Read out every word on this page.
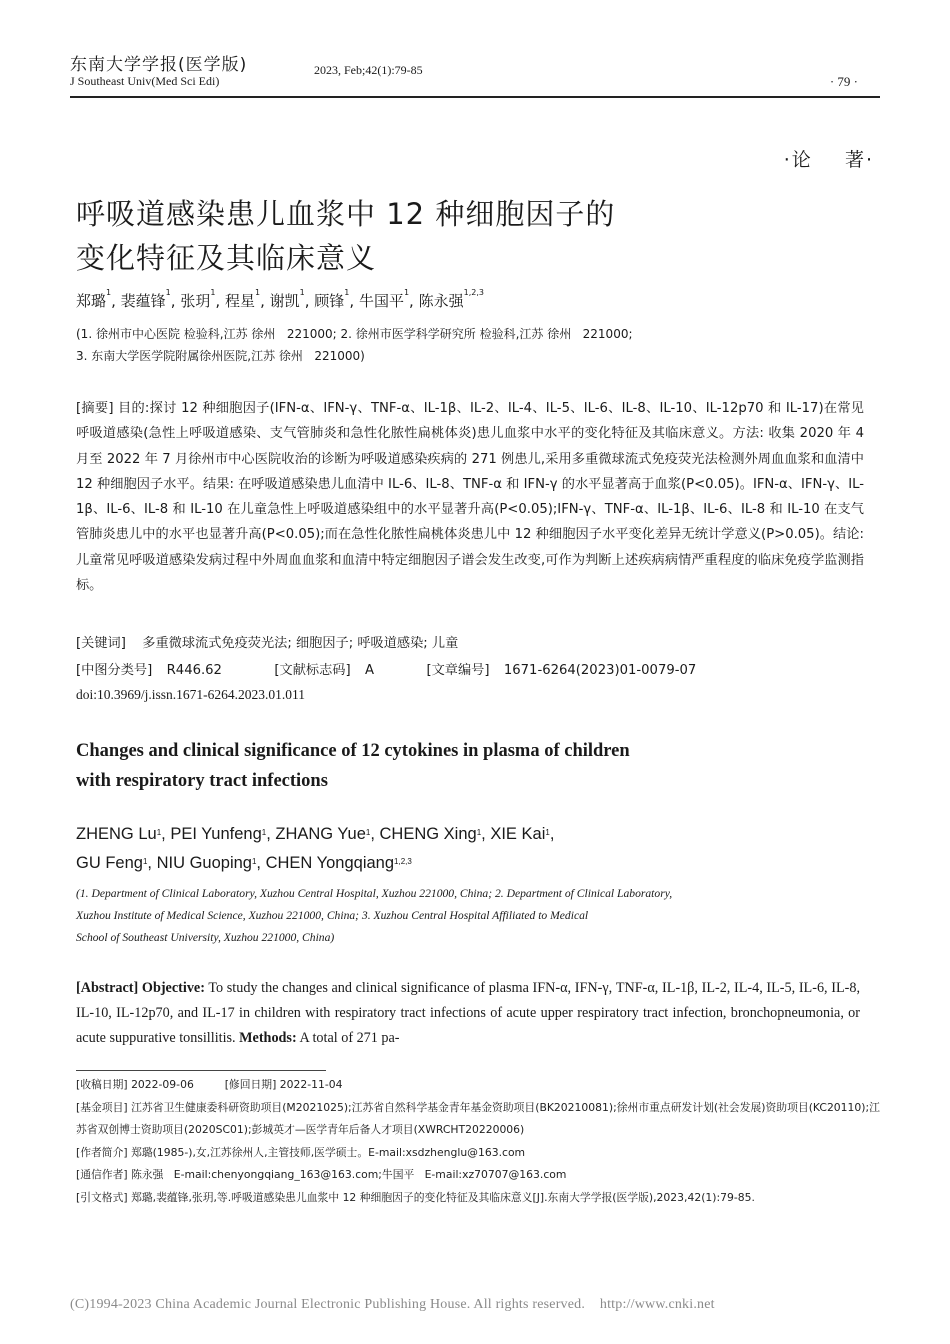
东南大学学报(医学版)
J Southeast Univ(Med Sci Edi)
2023, Feb;42(1):79-85
· 79 ·
·论    著·
呼吸道感染患儿血浆中 12 种细胞因子的
变化特征及其临床意义
郑璐$^1$, 裴蕴锋$^1$, 张玥$^1$, 程星$^1$, 谢凯$^1$, 顾锋$^1$, 牛国平$^1$, 陈永强$^{1,2,3}$
(1. 徐州市中心医院 检验科,江苏 徐州   221000; 2. 徐州市医学科学研究所 检验科,江苏 徐州   221000;
3. 东南大学医学院附属徐州医院,江苏 徐州   221000)
[摘要] 目的:探讨 12 种细胞因子(IFN-α、IFN-γ、TNF-α、IL-1β、IL-2、IL-4、IL-5、IL-6、IL-8、IL-10、IL-12p70 和 IL-17)在常见呼吸道感染(急性上呼吸道感染、支气管肺炎和急性化脓性扁桃体炎)患儿血浆中水平的变化特征及其临床意义。方法: 收集 2020 年 4 月至 2022 年 7 月徐州市中心医院收治的诊断为呼吸道感染疾病的 271 例患儿,采用多重微球流式免疫荧光法检测外周血血浆和血清中 12 种细胞因子水平。结果: 在呼吸道感染患儿血清中 IL-6、IL-8、TNF-α 和 IFN-γ 的水平显著高于血浆(P<0.05)。IFN-α、IFN-γ、IL-1β、IL-6、IL-8 和 IL-10 在儿童急性上呼吸道感染组中的水平显著升高(P<0.05);IFN-γ、TNF-α、IL-1β、IL-6、IL-8 和 IL-10 在支气管肺炎患儿中的水平也显著升高(P<0.05);而在急性化脓性扁桃体炎患儿中 12 种细胞因子水平变化差异无统计学意义(P>0.05)。结论: 儿童常见呼吸道感染发病过程中外周血血浆和血清中特定细胞因子谱会发生改变,可作为判断上述疾病病情严重程度的临床免疫学监测指标。
[关键词] 多重微球流式免疫荧光法; 细胞因子; 呼吸道感染; 儿童
[中图分类号] R446.62	[文献标志码] A	[文章编号] 1671-6264(2023)01-0079-07
doi:10.3969/j.issn.1671-6264.2023.01.011
Changes and clinical significance of 12 cytokines in plasma of children
with respiratory tract infections
ZHENG Lu$^1$, PEI Yunfeng$^1$, ZHANG Yue$^1$, CHENG Xing$^1$, XIE Kai$^1$,
GU Feng$^1$, NIU Guoping$^1$, CHEN Yongqiang$^{1,2,3}$
(1. Department of Clinical Laboratory, Xuzhou Central Hospital, Xuzhou 221000, China; 2. Department of Clinical Laboratory,
Xuzhou Institute of Medical Science, Xuzhou 221000, China; 3. Xuzhou Central Hospital Affiliated to Medical
School of Southeast University, Xuzhou 221000, China)
[Abstract] Objective: To study the changes and clinical significance of plasma IFN-α, IFN-γ, TNF-α, IL-1β, IL-2, IL-4, IL-5, IL-6, IL-8, IL-10, IL-12p70, and IL-17 in children with respiratory tract infections of acute upper respiratory tract infection, bronchopneumonia, or acute suppurative tonsillitis. Methods: A total of 271 pa-
[收稿日期] 2022-09-06	[修回日期] 2022-11-04
[基金项目] 江苏省卫生健康委科研资助项目(M2021025);江苏省自然科学基金青年基金资助项目(BK20210081);徐州市重点研发计划(社会发展)资助项目(KC20110);江苏省双创博士资助项目(2020SC01);彭城英才—医学青年后备人才项目(XWRCHT20220006)
[作者简介] 郑璐(1985-),女,江苏徐州人,主管技师,医学硕士。E-mail:xsdzhenglu@163.com
[通信作者] 陈永强   E-mail:chenyongqiang_163@163.com;牛国平   E-mail:xz70707@163.com
[引文格式] 郑璐,裴蕴锋,张玥,等.呼吸道感染患儿血浆中 12 种细胞因子的变化特征及其临床意义[J].东南大学学报(医学版),2023,42(1):79-85.
(C)1994-2023 China Academic Journal Electronic Publishing House. All rights reserved.    http://www.cnki.net
